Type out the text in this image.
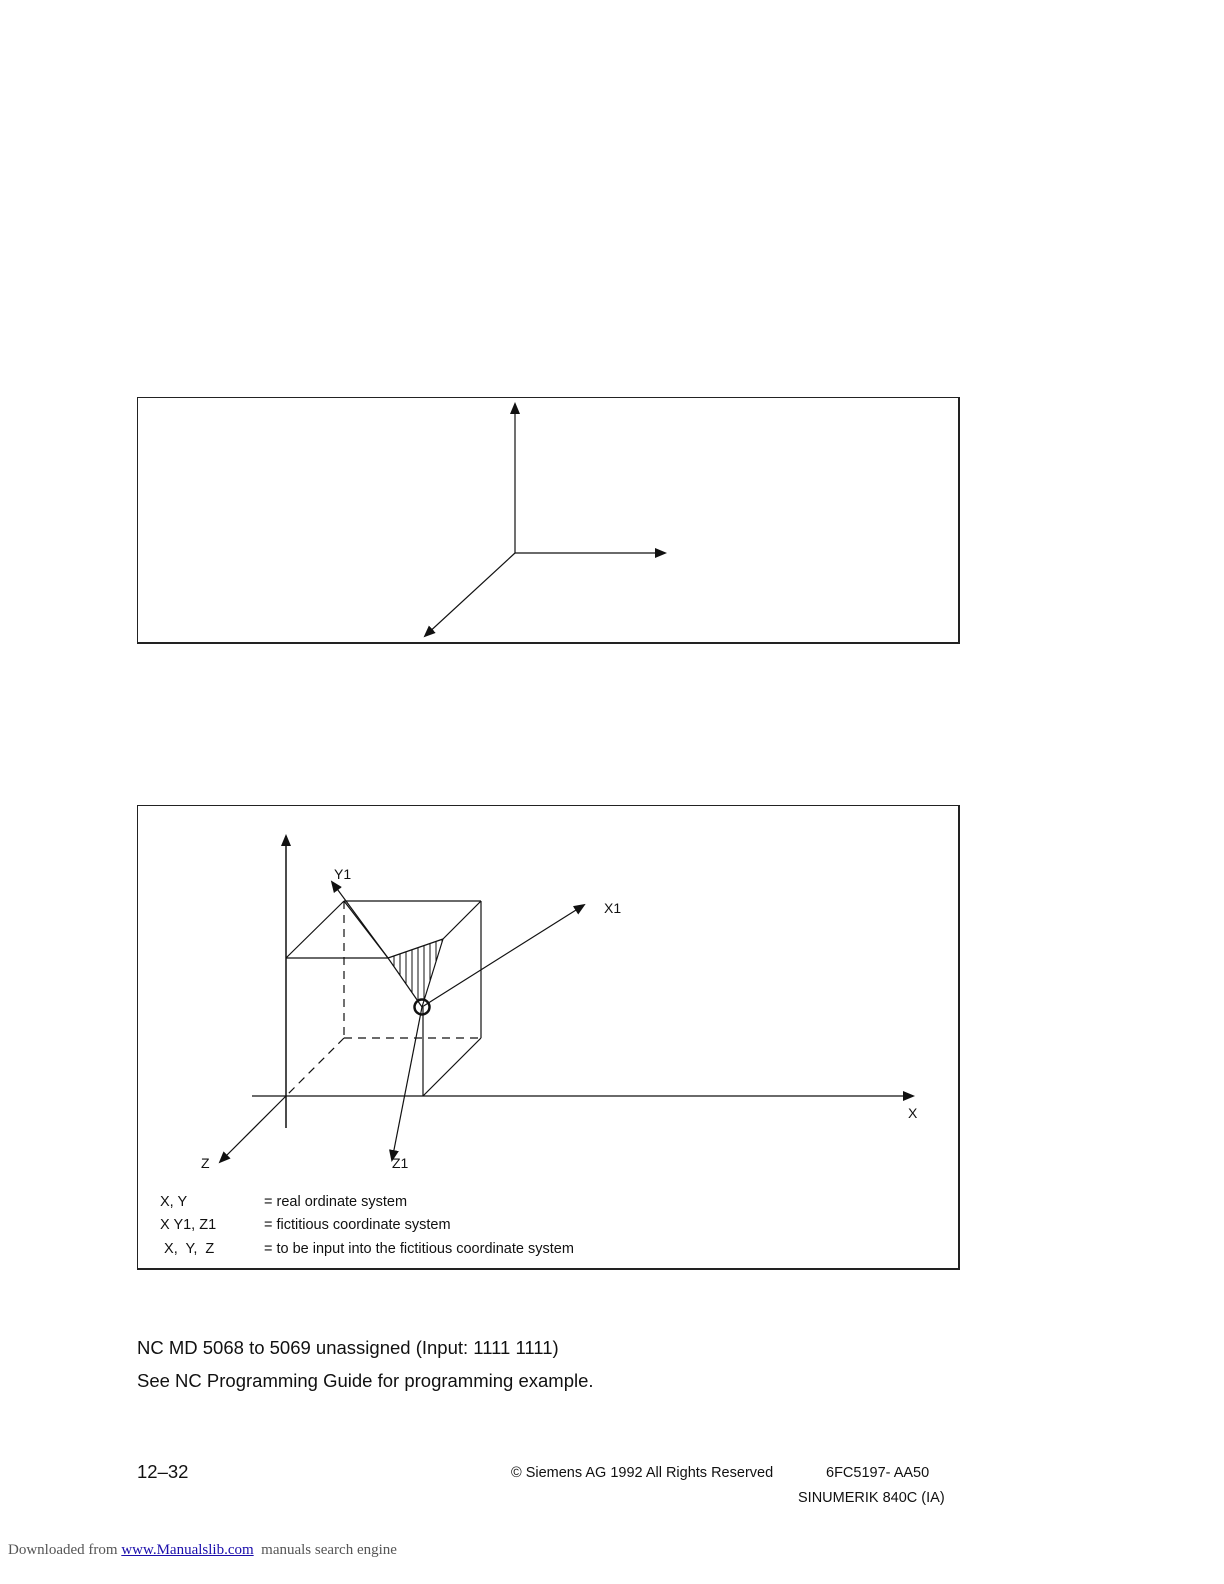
Y1
X1
X
Z	Z1
X, Y	= real ordinate system
X Y1, Z1	= fictitious coordinate system
X,  Y,  Z	= to be input into the fictitious coordinate system
NC MD 5068 to 5069 unassigned (Input: 1111 1111)
See NC Programming Guide for programming example.
12–32	© Siemens AG 1992 All Rights Reserved	6FC5197- AA50
SINUMERIK 840C (IA)
Downloaded from www.Manualslib.com  manuals search engine
